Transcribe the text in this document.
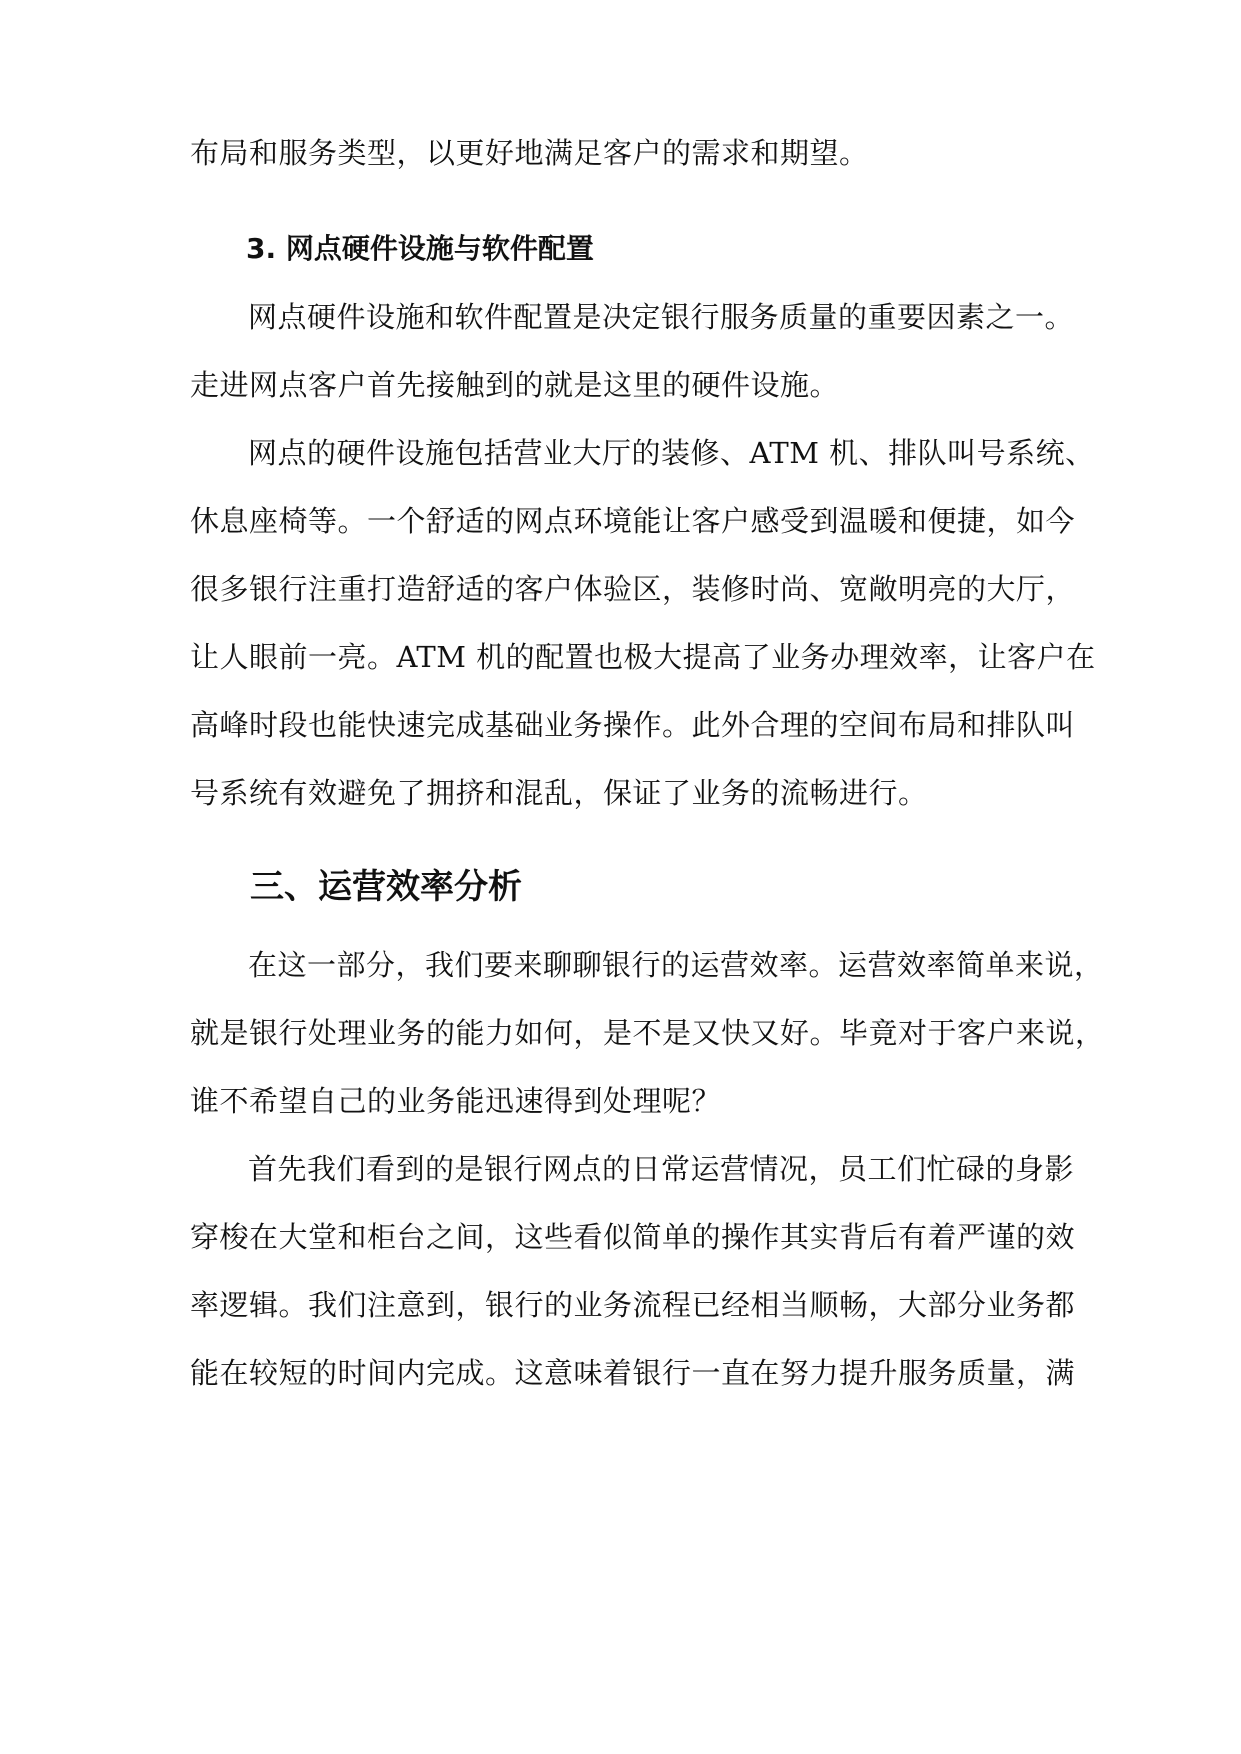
布局和服务类型，以更好地满足客户的需求和期望。
3. 网点硬件设施与软件配置
网点硬件设施和软件配置是决定银行服务质量的重要因素之一。
走进网点客户首先接触到的就是这里的硬件设施。
网点的硬件设施包括营业大厅的装修、ATM 机、排队叫号系统、
休息座椅等。一个舒适的网点环境能让客户感受到温暖和便捷，如今
很多银行注重打造舒适的客户体验区，装修时尚、宽敞明亮的大厅，
让人眼前一亮。ATM 机的配置也极大提高了业务办理效率，让客户在
高峰时段也能快速完成基础业务操作。此外合理的空间布局和排队叫
号系统有效避免了拥挤和混乱，保证了业务的流畅进行。
三、运营效率分析
在这一部分，我们要来聊聊银行的运营效率。运营效率简单来说，
就是银行处理业务的能力如何，是不是又快又好。毕竟对于客户来说，
谁不希望自己的业务能迅速得到处理呢？
首先我们看到的是银行网点的日常运营情况，员工们忙碌的身影
穿梭在大堂和柜台之间，这些看似简单的操作其实背后有着严谨的效
率逻辑。我们注意到，银行的业务流程已经相当顺畅，大部分业务都
能在较短的时间内完成。这意味着银行一直在努力提升服务质量，满
